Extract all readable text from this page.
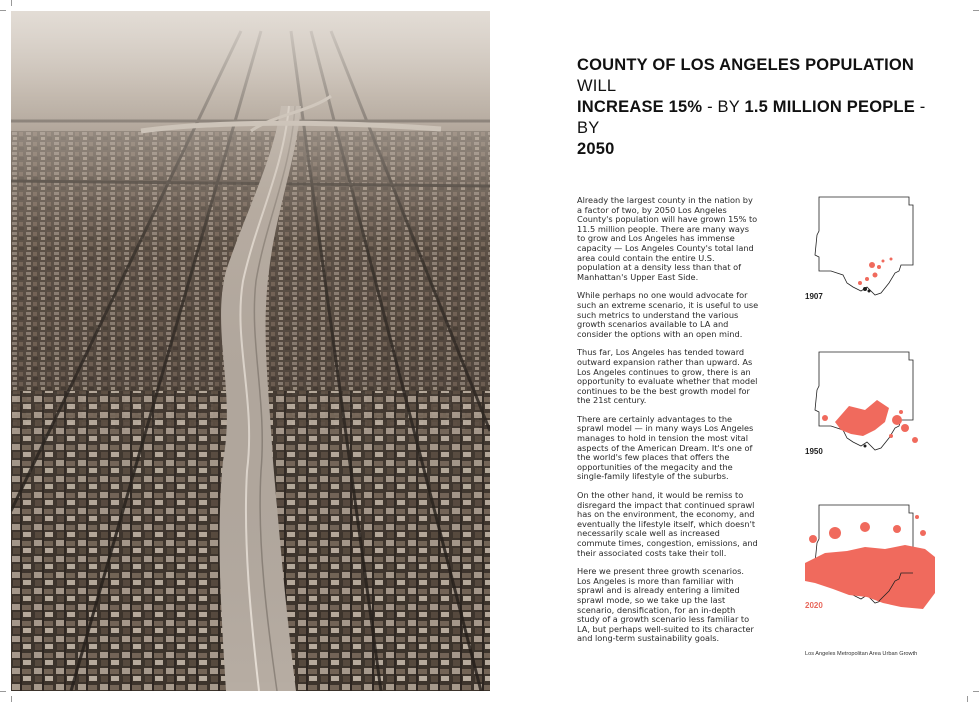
COUNTY OF LOS ANGELES POPULATION WILL
INCREASE 15% - BY 1.5 MILLION PEOPLE - BY
2050

Already the largest county in the nation by a factor of two, by 2050 Los Angeles County's population will have grown 15% to 11.5 million people. There are many ways to grow and Los Angeles has immense capacity — Los Angeles County's total land area could contain the entire U.S. population at a density less than that of Manhattan's Upper East Side.

While perhaps no one would advocate for such an extreme scenario, it is useful to use such metrics to understand the various growth scenarios available to LA and consider the options with an open mind.

Thus far, Los Angeles has tended toward outward expansion rather than upward. As Los Angeles continues to grow, there is an opportunity to evaluate whether that model continues to be the best growth model for the 21st century.

There are certainly advantages to the sprawl model — in many ways Los Angeles manages to hold in tension the most vital aspects of the American Dream. It's one of the world's few places that offers the opportunities of the megacity and the single-family lifestyle of the suburbs.

On the other hand, it would be remiss to disregard the impact that continued sprawl has on the environment, the economy, and eventually the lifestyle itself, which doesn't necessarily scale well as increased commute times, congestion, emissions, and their associated costs take their toll.

Here we present three growth scenarios. Los Angeles is more than familiar with sprawl and is already entering a limited sprawl mode, so we take up the last scenario, densification, for an in-depth study of a growth scenario less familiar to LA, but perhaps well-suited to its character and long-term sustainability goals.

1907
1950
2020
Los Angeles Metropolitan Area Urban Growth
